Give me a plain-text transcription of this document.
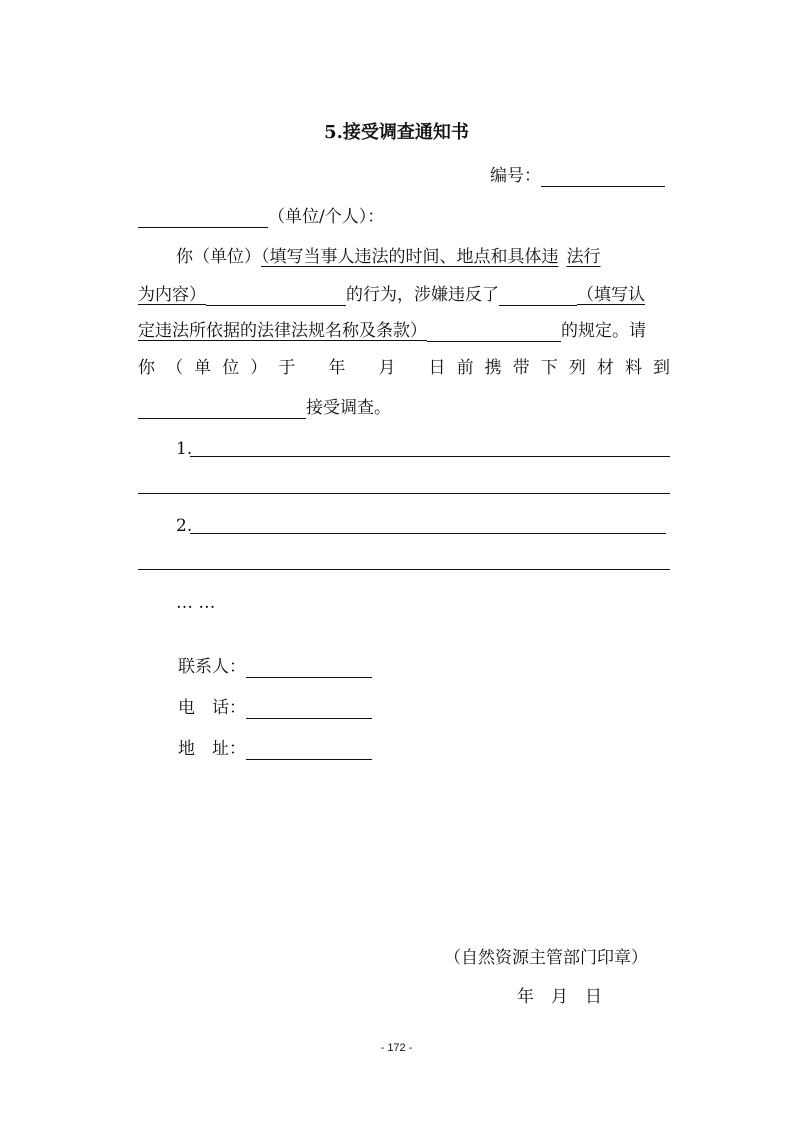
5.接受调查通知书
编号：
（单位/个人）：
你（单位）（填写当事人违法的时间、地点和具体违 法行
为内容）	的行为，涉嫌违反了	（填写认
定违法所依据的法律法规名称及条款）	的规定。请
你 （ 单 位 ） 于 年 月 日 前 携 带 下 列 材 料 到
接受调查。
1.
2.
… …
联系人：
电　话：
地　址：
（自然资源主管部门印章）
年　月　日
- 172 -
